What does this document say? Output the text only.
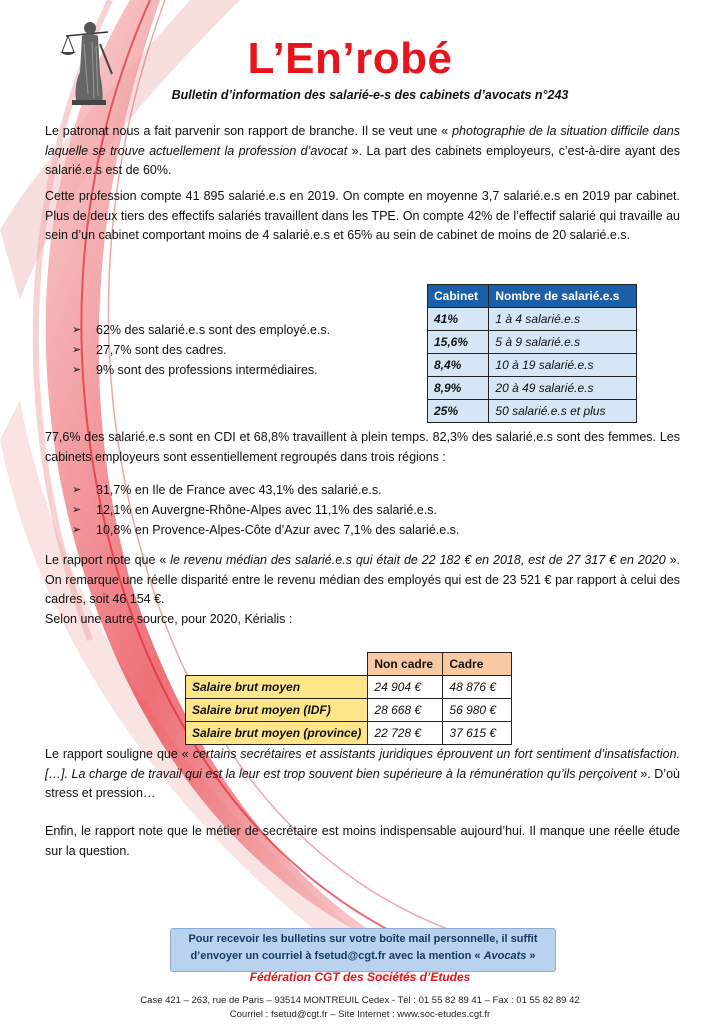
L’En’robé
Bulletin d’information des salarié-e-s des cabinets d’avocats n°243
Le patronat nous a fait parvenir son rapport de branche. Il se veut une « photographie de la situation difficile dans laquelle se trouve actuellement la profession d’avocat ». La part des cabinets employeurs, c’est-à-dire ayant des salarié.e.s est de 60%.
Cette profession compte 41 895 salarié.e.s en 2019. On compte en moyenne 3,7 salarié.e.s en 2019 par cabinet. Plus de deux tiers des effectifs salariés travaillent dans les TPE. On compte 42% de l’effectif salarié qui travaille au sein d’un cabinet comportant moins de 4 salarié.e.s et 65% au sein de cabinet de moins de 20 salarié.e.s.
➢ 62% des salarié.e.s sont des employé.e.s.
➢ 27,7% sont des cadres.
➢ 9% sont des professions intermédiaires.
Cabinet	Nombre de salarié.e.s
41%	1 à 4 salarié.e.s
15,6%	5 à 9 salarié.e.s
8,4%	10 à 19 salarié.e.s
8,9%	20 à 49 salarié.e.s
25%	50 salarié.e.s et plus
77,6% des salarié.e.s sont en CDI et 68,8% travaillent à plein temps. 82,3% des salarié.e.s sont des femmes. Les cabinets employeurs sont essentiellement regroupés dans trois régions :
➢ 31,7% en Ile de France avec 43,1% des salarié.e.s.
➢ 12,1% en Auvergne-Rhône-Alpes avec 11,1% des salarié.e.s.
➢ 10,8% en Provence-Alpes-Côte d’Azur avec 7,1% des salarié.e.s.
Le rapport note que « le revenu médian des salarié.e.s qui était de 22 182 € en 2018, est de 27 317 € en 2020 ». On remarque une réelle disparité entre le revenu médian des employés qui est de 23 521 € par rapport à celui des cadres, soit 46 154 €.
Selon une autre source, pour 2020, Kérialis :
	Non cadre	Cadre
Salaire brut moyen	24 904 €	48 876 €
Salaire brut moyen (IDF)	28 668 €	56 980 €
Salaire brut moyen (province)	22 728 €	37 615 €
Le rapport souligne que « certains secrétaires et assistants juridiques éprouvent un fort sentiment d’insatisfaction. […]. La charge de travail qui est la leur est trop souvent bien supérieure à la rémunération qu’ils perçoivent ». D’où stress et pression…
Enfin, le rapport note que le métier de secrétaire est moins indispensable aujourd’hui. Il manque une réelle étude sur la question.
Pour recevoir les bulletins sur votre boîte mail personnelle, il suffit
d’envoyer un courriel à fsetud@cgt.fr avec la mention « Avocats »
Fédération CGT des Sociétés d’Etudes
Case 421 – 263, rue de Paris – 93514 MONTREUIL Cedex - Tél : 01 55 82 89 41 – Fax : 01 55 82 89 42
Courriel : fsetud@cgt.fr – Site Internet : www.soc-etudes.cgt.fr
